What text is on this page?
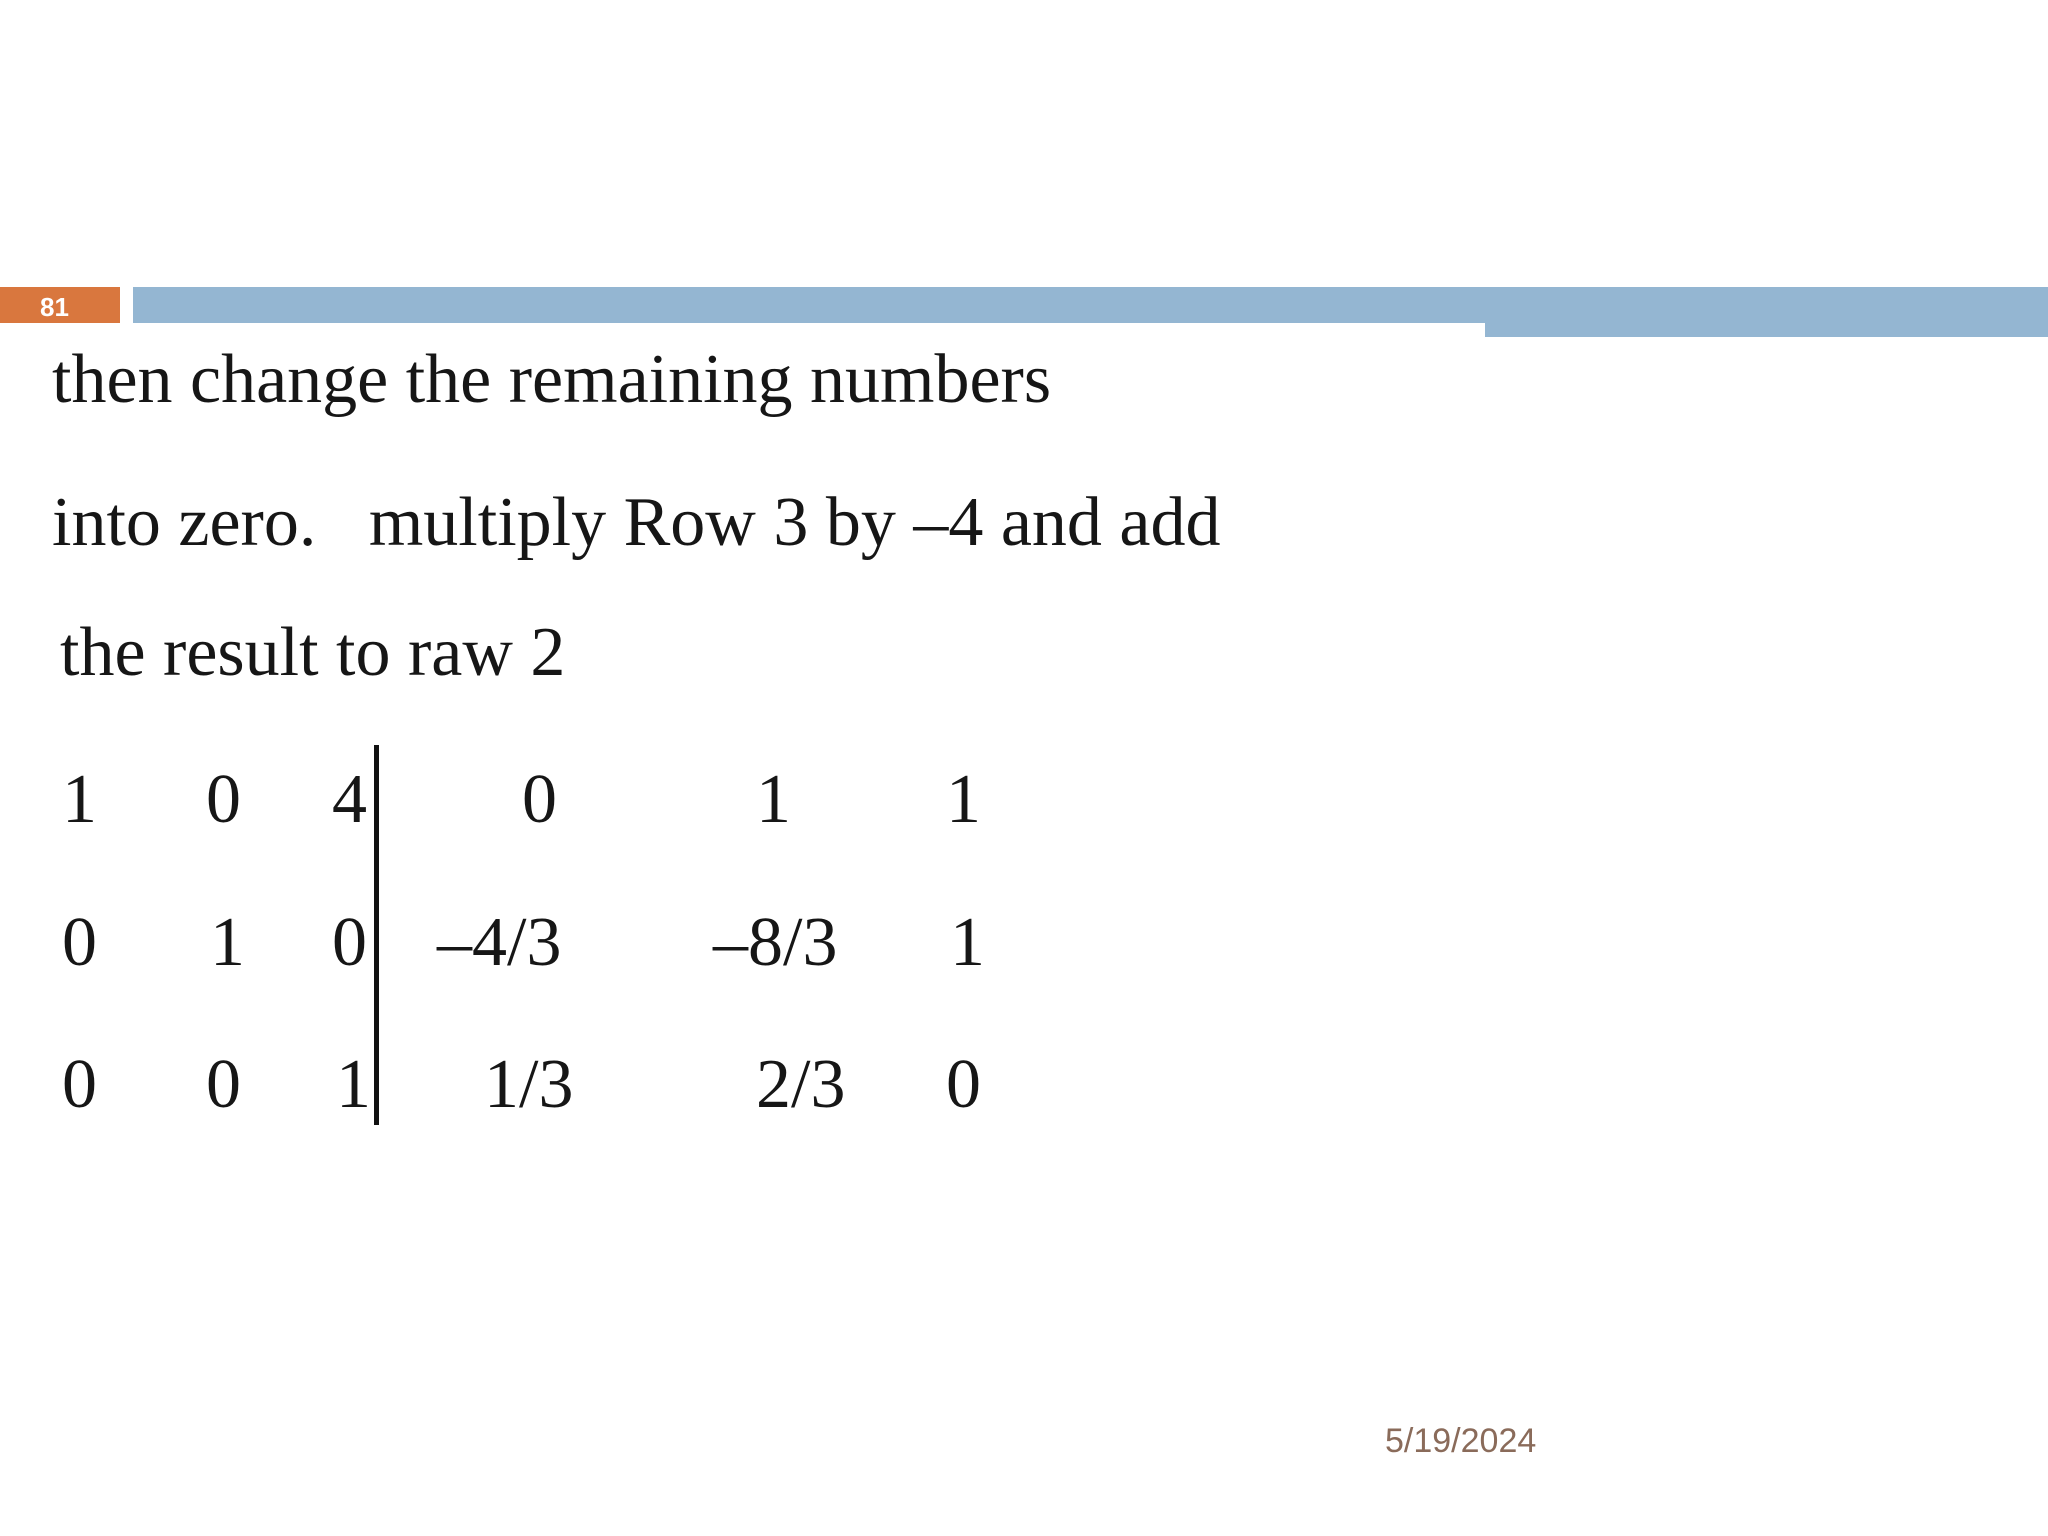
81
then change the remaining numbers
into zero.   multiply Row 3 by –4 and add
the result to raw 2
1 0 4 0	1 1
0 1 0 –4/3 –8/3 1
0 0 1 1/3	2/3 0
5/19/2024
